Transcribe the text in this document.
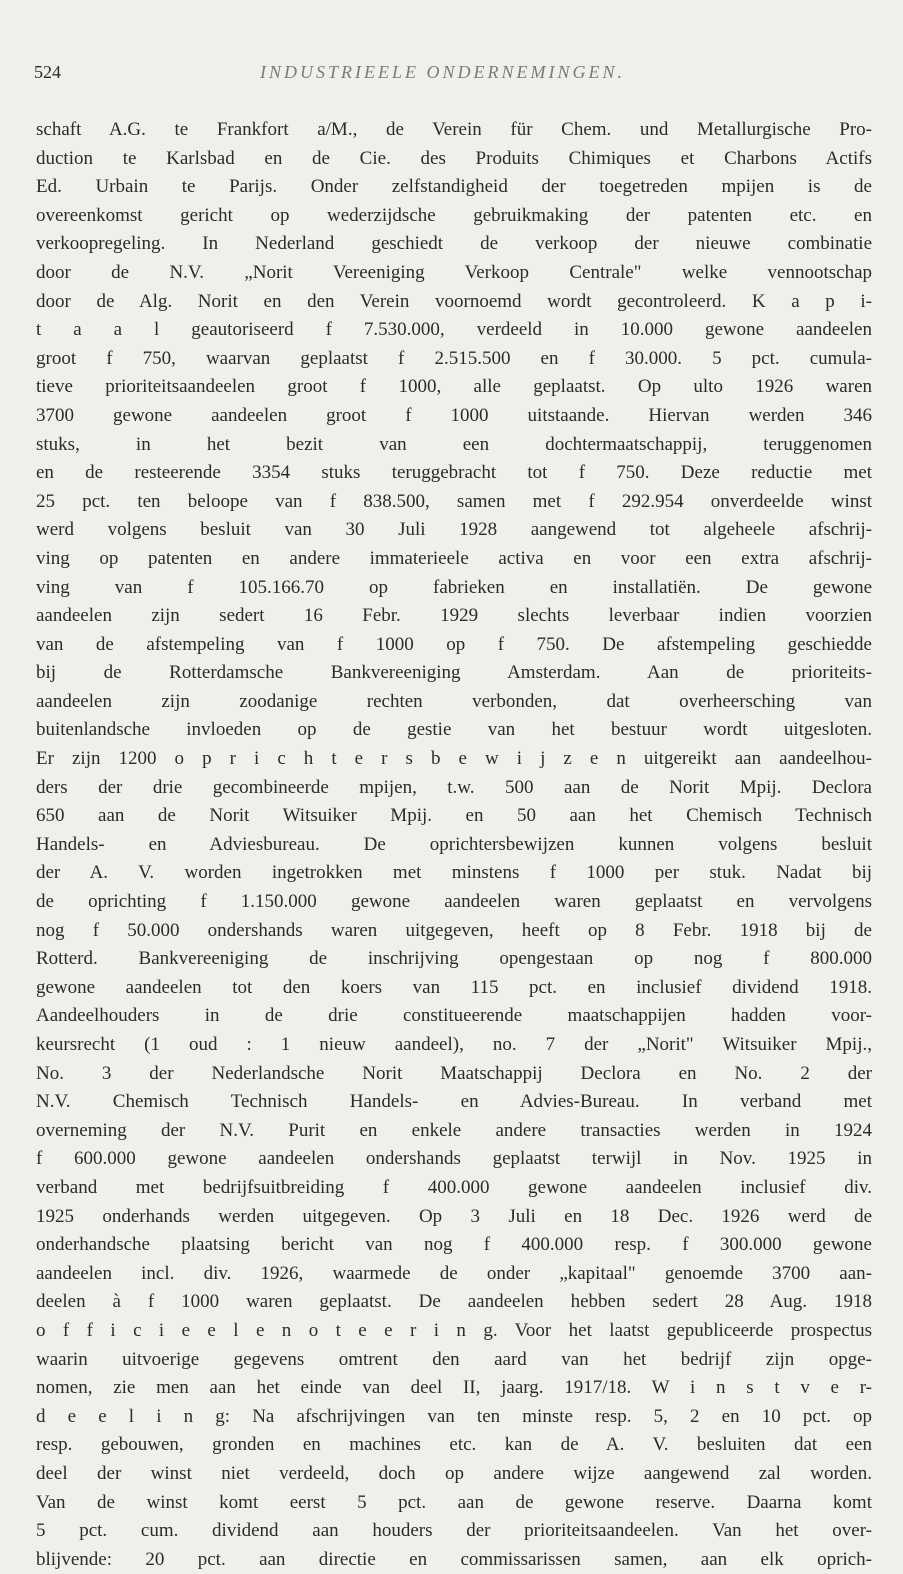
524	INDUSTRIEELE ONDERNEMINGEN.
schaft A.G. te Frankfort a/M., de Verein für Chem. und Metallurgische Pro-
duction te Karlsbad en de Cie. des Produits Chimiques et Charbons Actifs
Ed. Urbain te Parijs. Onder zelfstandigheid der toegetreden mpijen is de
overeenkomst gericht op wederzijdsche gebruikmaking der patenten etc. en
verkoopregeling. In Nederland geschiedt de verkoop der nieuwe combinatie
door de N.V. „Norit Vereeniging Verkoop Centrale" welke vennootschap
door de Alg. Norit en den Verein voornoemd wordt gecontroleerd. K a p i-
t a a l geautoriseerd f 7.530.000, verdeeld in 10.000 gewone aandeelen
groot f 750, waarvan geplaatst f 2.515.500 en f 30.000. 5 pct. cumula-
tieve prioriteitsaandeelen groot f 1000, alle geplaatst. Op ulto 1926 waren
3700 gewone aandeelen groot f 1000 uitstaande. Hiervan werden 346
stuks, in het bezit van een dochtermaatschappij, teruggenomen
en de resteerende 3354 stuks teruggebracht tot f 750. Deze reductie met
25 pct. ten beloope van f 838.500, samen met f 292.954 onverdeelde winst
werd volgens besluit van 30 Juli 1928 aangewend tot algeheele afschrij-
ving op patenten en andere immaterieele activa en voor een extra afschrij-
ving van f 105.166.70 op fabrieken en installatiën. De gewone
aandeelen zijn sedert 16 Febr. 1929 slechts leverbaar indien voorzien
van de afstempeling van f 1000 op f 750. De afstempeling geschiedde
bij de Rotterdamsche Bankvereeniging Amsterdam. Aan de prioriteits-
aandeelen zijn zoodanige rechten verbonden, dat overheersching van
buitenlandsche invloeden op de gestie van het bestuur wordt uitgesloten.
Er zijn 1200 o p r i c h t e r s b e w i j z e n uitgereikt aan aandeelhou-
ders der drie gecombineerde mpijen, t.w. 500 aan de Norit Mpij. Declora
650 aan de Norit Witsuiker Mpij. en 50 aan het Chemisch Technisch
Handels- en Adviesbureau. De oprichtersbewijzen kunnen volgens besluit
der A. V. worden ingetrokken met minstens f 1000 per stuk. Nadat bij
de oprichting f 1.150.000 gewone aandeelen waren geplaatst en vervolgens
nog f 50.000 ondershands waren uitgegeven, heeft op 8 Febr. 1918 bij de
Rotterd. Bankvereeniging de inschrijving opengestaan op nog f 800.000
gewone aandeelen tot den koers van 115 pct. en inclusief dividend 1918.
Aandeelhouders in de drie constitueerende maatschappijen hadden voor-
keursrecht (1 oud : 1 nieuw aandeel), no. 7 der „Norit" Witsuiker Mpij.,
No. 3 der Nederlandsche Norit Maatschappij Declora en No. 2 der
N.V. Chemisch Technisch Handels- en Advies-Bureau. In verband met
overneming der N.V. Purit en enkele andere transacties werden in 1924
f 600.000 gewone aandeelen ondershands geplaatst terwijl in Nov. 1925 in
verband met bedrijfsuitbreiding f 400.000 gewone aandeelen inclusief div.
1925 onderhands werden uitgegeven. Op 3 Juli en 18 Dec. 1926 werd de
onderhandsche plaatsing bericht van nog f 400.000 resp. f 300.000 gewone
aandeelen incl. div. 1926, waarmede de onder „kapitaal" genoemde 3700 aan-
deelen à f 1000 waren geplaatst. De aandeelen hebben sedert 28 Aug. 1918
o f f i c i e e l e n o t e e r i n g. Voor het laatst gepubliceerde prospectus
waarin uitvoerige gegevens omtrent den aard van het bedrijf zijn opge-
nomen, zie men aan het einde van deel II, jaarg. 1917/18. W i n s t v e r-
d e e l i n g: Na afschrijvingen van ten minste resp. 5, 2 en 10 pct. op
resp. gebouwen, gronden en machines etc. kan de A. V. besluiten dat een
deel der winst niet verdeeld, doch op andere wijze aangewend zal worden.
Van de winst komt eerst 5 pct. aan de gewone reserve. Daarna komt
5 pct. cum. dividend aan houders der prioriteitsaandeelen. Van het over-
blijvende: 20 pct. aan directie en commissarissen samen, aan elk oprich-
